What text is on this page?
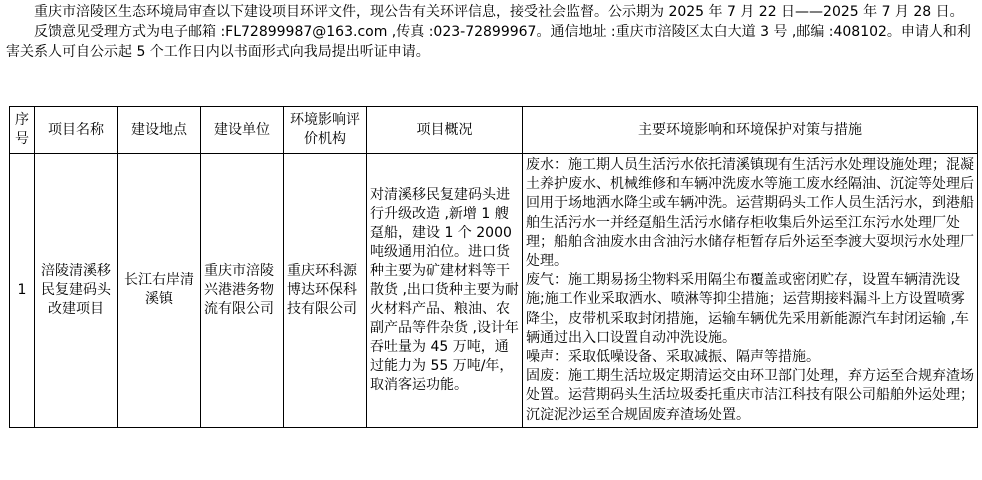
重庆市涪陵区生态环境局审查以下建设项目环评文件，现公告有关环评信息，接受社会监督。公示期为 2025 年 7 月 22 日——2025 年 7 月 28 日。

反馈意见受理方式为电子邮箱 :FL72899987@163.com ,传真 :023-72899967。通信地址 :重庆市涪陵区太白大道 3 号 ,邮编 :408102。申请人和利害关系人可自公示起 5 个工作日内以书面形式向我局提出听证申请。

序号	项目名称	建设地点	建设单位	环境影响评价机构	项目概况	主要环境影响和环境保护对策与措施
1	涪陵清溪移民复建码头改建项目	长江右岸清溪镇	重庆市涪陵兴港港务物流有限公司	重庆环科源博达环保科技有限公司	对清溪移民复建码头进行升级改造 ,新增 1 艘趸船，建设 1 个 2000 吨级通用泊位。进口货种主要为矿建材料等干散货 ,出口货种主要为耐火材料产品、粮油、农副产品等件杂货 ,设计年吞吐量为 45 万吨，通过能力为 55 万吨/年，取消客运功能。	废水：施工期人员生活污水依托清溪镇现有生活污水处理设施处理；混凝土养护废水、机械维修和车辆冲洗废水等施工废水经隔油、沉淀等处理后回用于场地洒水降尘或车辆冲洗。运营期码头工作人员生活污水，到港船舶生活污水一并经趸船生活污水储存柜收集后外运至江东污水处理厂处理；船舶含油废水由含油污水储存柜暂存后外运至李渡大耍坝污水处理厂处理。
废气：施工期易扬尘物料采用隔尘布覆盖或密闭贮存，设置车辆清洗设施;施工作业采取洒水、喷淋等抑尘措施；运营期接料漏斗上方设置喷雾降尘，皮带机采取封闭措施，运输车辆优先采用新能源汽车封闭运输 ,车辆通过出入口设置自动冲洗设施。
噪声：采取低噪设备、采取减振、隔声等措施。
固废：施工期生活垃圾定期清运交由环卫部门处理，弃方运至合规弃渣场处置。运营期码头生活垃圾委托重庆市洁江科技有限公司船舶外运处理；沉淀泥沙运至合规固废弃渣场处置。
